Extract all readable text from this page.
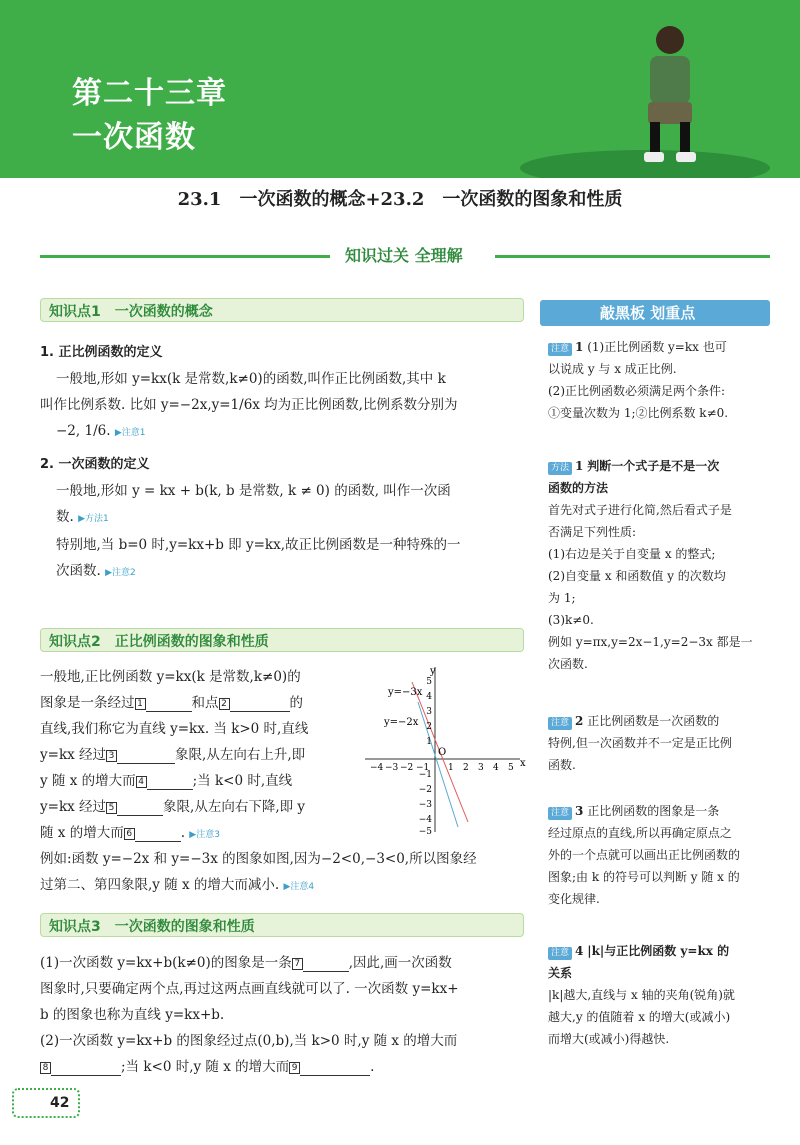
第二十三章
一次函数
23.1　一次函数的概念+23.2　一次函数的图象和性质
知识过关 全理解
知识点1　一次函数的概念
1. 正比例函数的定义
一般地,形如 y=kx(k 是常数,k≠0)的函数,叫作正比例函数,其中 k
叫作比例系数. 比如 y=−2x,y=1/6x 均为正比例函数,比例系数分别为
−2, 1/6. ▶注意1
2. 一次函数的定义
一般地,形如 y = kx + b(k, b 是常数, k ≠ 0) 的函数, 叫作一次函
数. ▶方法1
特别地,当 b=0 时,y=kx+b 即 y=kx,故正比例函数是一种特殊的一
次函数. ▶注意2
知识点2　正比例函数的图象和性质
一般地,正比例函数 y=kx(k 是常数,k≠0)的
图象是一条经过 1	和点 2	的
直线,我们称它为直线 y=kx. 当 k>0 时,直线
y=kx 经过 3	象限,从左向右上升,即
y 随 x 的增大而 4	;当 k<0 时,直线
y=kx 经过 5	象限,从左向右下降,即 y
随 x 的增大而 6	. ▶注意3
例如:函数 y=−2x 和 y=−3x 的图象如图,因为−2<0,−3<0,所以图象经
过第二、第四象限,y 随 x 的增大而减小. ▶注意4
y=−3x
y=−2x
O
x
y
−4 −3 −2 −1 1 2 3 4 5
5
4
3
2
1
−1
−2
−3
−4
−5
知识点3　一次函数的图象和性质
(1)一次函数 y=kx+b(k≠0)的图象是一条 7	,因此,画一次函数
图象时,只要确定两个点,再过这两点画直线就可以了. 一次函数 y=kx+
b 的图象也称为直线 y=kx+b.
(2)一次函数 y=kx+b 的图象经过点(0,b),当 k>0 时,y 随 x 的增大而
8	;当 k<0 时,y 随 x 的增大而 9	.
敲黑板 划重点
注意 1 (1)正比例函数 y=kx 也可
以说成 y 与 x 成正比例.
(2)正比例函数必须满足两个条件:
①变量次数为 1;②比例系数 k≠0.
方法 1 判断一个式子是不是一次
函数的方法
首先对式子进行化简,然后看式子是
否满足下列性质:
(1)右边是关于自变量 x 的整式;
(2)自变量 x 和函数值 y 的次数均
为 1;
(3)k≠0.
例如 y=πx,y=2x−1,y=2−3x 都是一
次函数.
注意 2 正比例函数是一次函数的
特例,但一次函数并不一定是正比例
函数.
注意 3 正比例函数的图象是一条
经过原点的直线,所以再确定原点之
外的一个点就可以画出正比例函数的
图象;由 k 的符号可以判断 y 随 x 的
变化规律.
注意 4 |k|与正比例函数 y=kx 的
关系
|k|越大,直线与 x 轴的夹角(锐角)就
越大,y 的值随着 x 的增大(或减小)
而增大(或减小)得越快.
42
